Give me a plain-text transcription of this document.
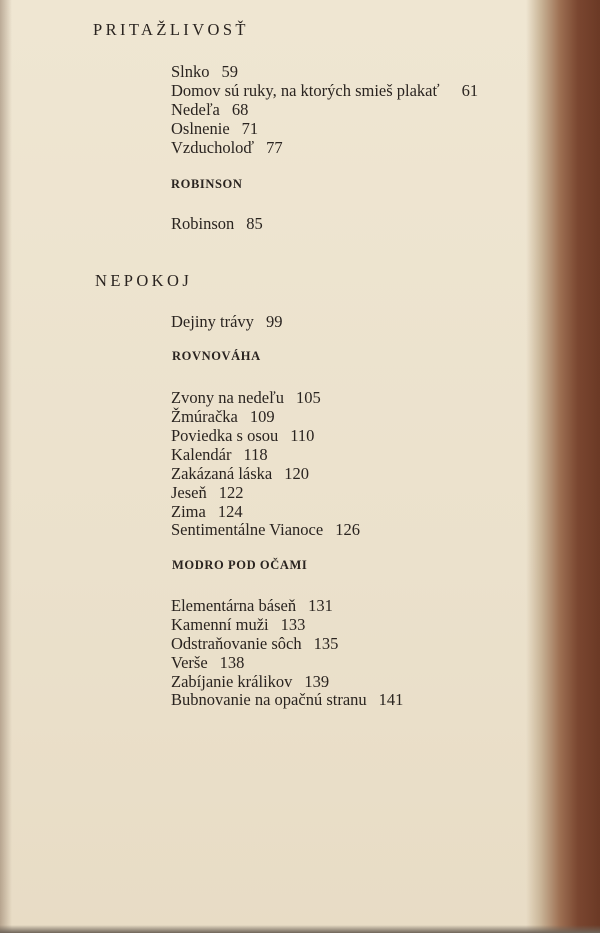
PRITAŽLIVOSŤ
Slnko 59
Domov sú ruky, na ktorých smieš plakať 61
Nedeľa 68
Oslnenie 71
Vzducholoď 77
ROBINSON
Robinson 85
NEPOKOJ
Dejiny trávy 99
ROVNOVÁHA
Zvony na nedeľu 105
Žmúračka 109
Poviedka s osou 110
Kalendár 118
Zakázaná láska 120
Jeseň 122
Zima 124
Sentimentálne Vianoce 126
MODRO POD OČAMI
Elementárna báseň 131
Kamenní muži 133
Odstraňovanie sôch 135
Verše 138
Zabíjanie králikov 139
Bubnovanie na opačnú stranu 141
